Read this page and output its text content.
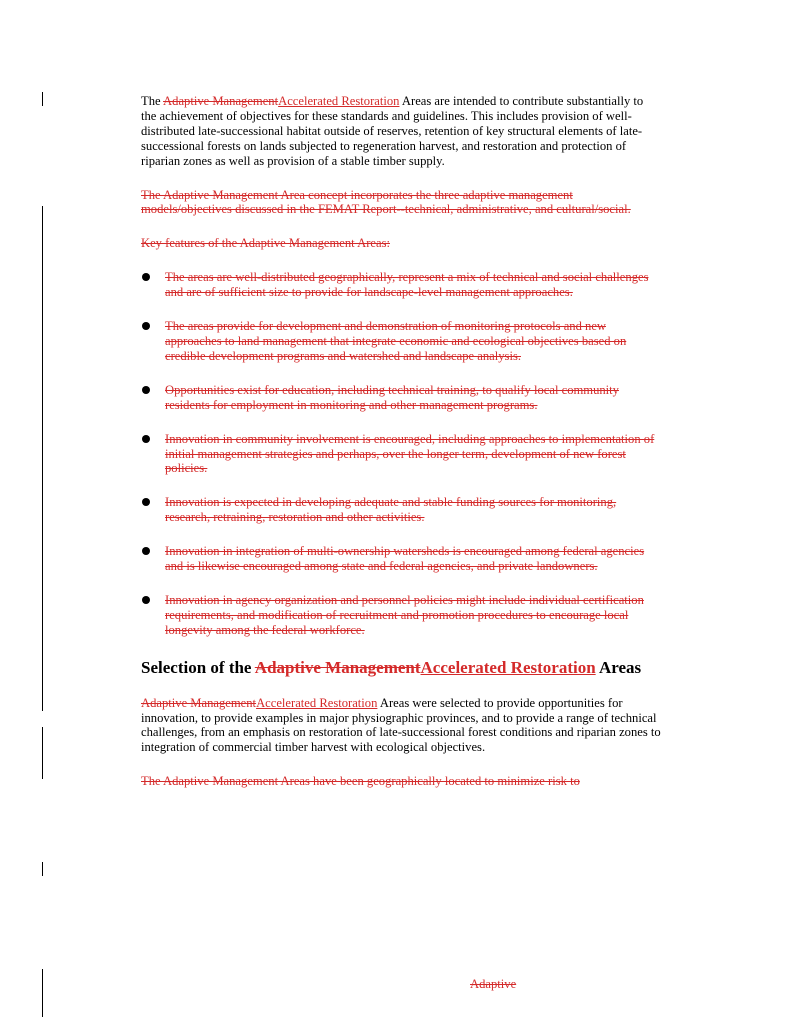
The Adaptive ManagementAccelerated Restoration Areas are intended to contribute substantially to the achievement of objectives for these standards and guidelines. This includes provision of well-distributed late-successional habitat outside of reserves, retention of key structural elements of late- successional forests on lands subjected to regeneration harvest, and restoration and protection of riparian zones as well as provision of a stable timber supply.

The Adaptive Management Area concept incorporates the three adaptive management models/objectives discussed in the FEMAT Report--technical, administrative, and cultural/social.

Key features of the Adaptive Management Areas:

The areas are well-distributed geographically, represent a mix of technical and social challenges and are of sufficient size to provide for landscape-level management approaches.
The areas provide for development and demonstration of monitoring protocols and new approaches to land management that integrate economic and ecological objectives based on credible development programs and watershed and landscape analysis.
Opportunities exist for education, including technical training, to qualify local community residents for employment in monitoring and other management programs.
Innovation in community involvement is encouraged, including approaches to implementation of initial management strategies and perhaps, over the longer term, development of new forest policies.
Innovation is expected in developing adequate and stable funding sources for monitoring, research, retraining, restoration and other activities.
Innovation in integration of multi-ownership watersheds is encouraged among federal agencies and is likewise encouraged among state and federal agencies, and private landowners.
Innovation in agency organization and personnel policies might include individual certification requirements, and modification of recruitment and promotion procedures to encourage local longevity among the federal workforce.
Selection of the Adaptive ManagementAccelerated Restoration Areas

Adaptive ManagementAccelerated Restoration Areas were selected to provide opportunities for innovation, to provide examples in major physiographic provinces, and to provide a range of technical challenges, from an emphasis on restoration of late-successional forest conditions and riparian zones to integration of commercial timber harvest with ecological objectives.

The Adaptive Management Areas have been geographically located to minimize risk to

Adaptive
